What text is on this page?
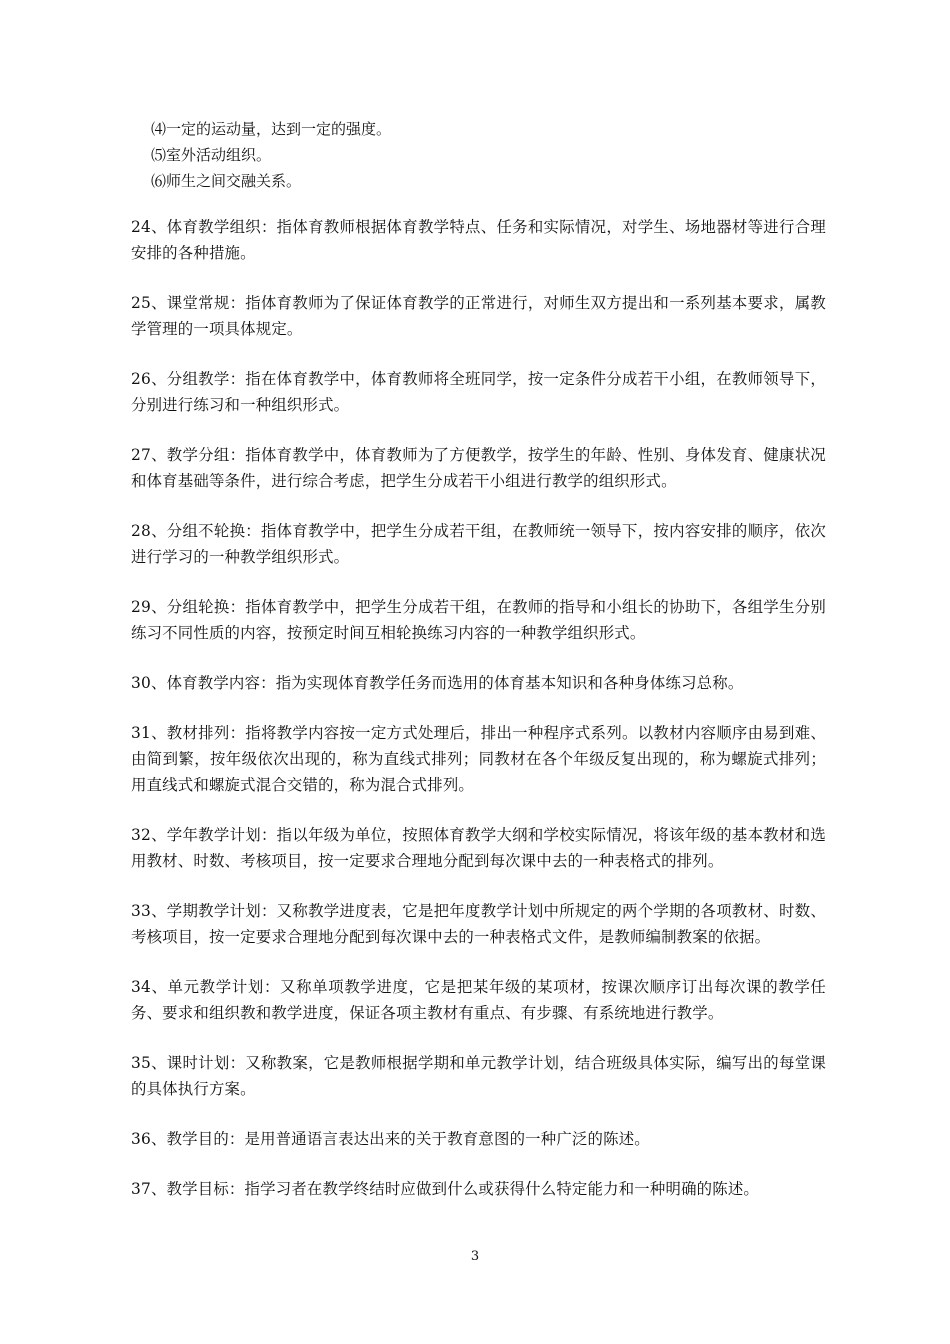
⑷一定的运动量，达到一定的强度。
⑸室外活动组织。
⑹师生之间交融关系。

24、体育教学组织：指体育教师根据体育教学特点、任务和实际情况，对学生、场地器材等进行合理安排的各种措施。

25、课堂常规：指体育教师为了保证体育教学的正常进行，对师生双方提出和一系列基本要求，属教学管理的一项具体规定。

26、分组教学：指在体育教学中，体育教师将全班同学，按一定条件分成若干小组，在教师领导下，分别进行练习和一种组织形式。

27、教学分组：指体育教学中，体育教师为了方便教学，按学生的年龄、性别、身体发育、健康状况和体育基础等条件，进行综合考虑，把学生分成若干小组进行教学的组织形式。

28、分组不轮换：指体育教学中，把学生分成若干组，在教师统一领导下，按内容安排的顺序，依次进行学习的一种教学组织形式。

29、分组轮换：指体育教学中，把学生分成若干组，在教师的指导和小组长的协助下，各组学生分别练习不同性质的内容，按预定时间互相轮换练习内容的一种教学组织形式。

30、体育教学内容：指为实现体育教学任务而选用的体育基本知识和各种身体练习总称。

31、教材排列：指将教学内容按一定方式处理后，排出一种程序式系列。以教材内容顺序由易到难、由简到繁，按年级依次出现的，称为直线式排列；同教材在各个年级反复出现的，称为螺旋式排列；用直线式和螺旋式混合交错的，称为混合式排列。

32、学年教学计划：指以年级为单位，按照体育教学大纲和学校实际情况，将该年级的基本教材和选用教材、时数、考核项目，按一定要求合理地分配到每次课中去的一种表格式的排列。

33、学期教学计划：又称教学进度表，它是把年度教学计划中所规定的两个学期的各项教材、时数、考核项目，按一定要求合理地分配到每次课中去的一种表格式文件，是教师编制教案的依据。

34、单元教学计划：又称单项教学进度，它是把某年级的某项材，按课次顺序订出每次课的教学任务、要求和组织教和教学进度，保证各项主教材有重点、有步骤、有系统地进行教学。

35、课时计划：又称教案，它是教师根据学期和单元教学计划，结合班级具体实际，编写出的每堂课的具体执行方案。

36、教学目的：是用普通语言表达出来的关于教育意图的一种广泛的陈述。

37、教学目标：指学习者在教学终结时应做到什么或获得什么特定能力和一种明确的陈述。

3
